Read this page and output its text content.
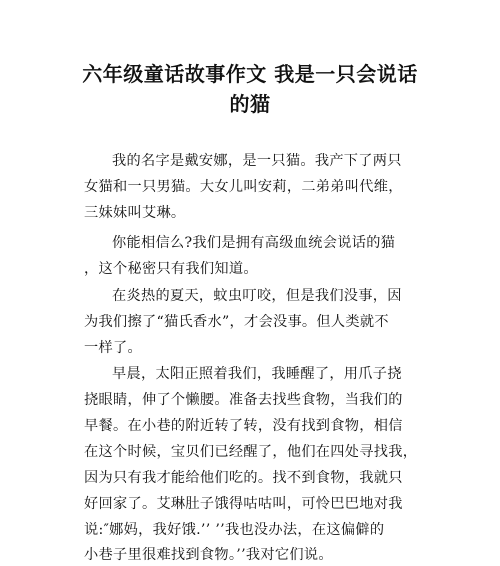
六年级童话故事作文 我是一只会说话
的猫

我的名字是戴安娜，是一只猫。我产下了两只

女猫和一只男猫。大女儿叫安莉，二弟弟叫代维，

三妹妹叫艾琳。

你能相信么?我们是拥有高级血统会说话的猫

，这个秘密只有我们知道。

在炎热的夏天，蚊虫叮咬，但是我们没事，因

为我们擦了“猫氏香水”，才会没事。但人类就不

一样了。

早晨，太阳正照着我们，我睡醒了，用爪子挠

挠眼睛，伸了个懒腰。准备去找些食物，当我们的

早餐。在小巷的附近转了转，没有找到食物，相信

在这个时候，宝贝们已经醒了，他们在四处寻找我，

因为只有我才能给他们吃的。找不到食物，我就只

好回家了。艾琳肚子饿得咕咕叫，可怜巴巴地对我

说:″娜妈，我好饿.’’ ’’我也没办法，在这偏僻的

小巷子里很难找到食物。’’我对它们说。
